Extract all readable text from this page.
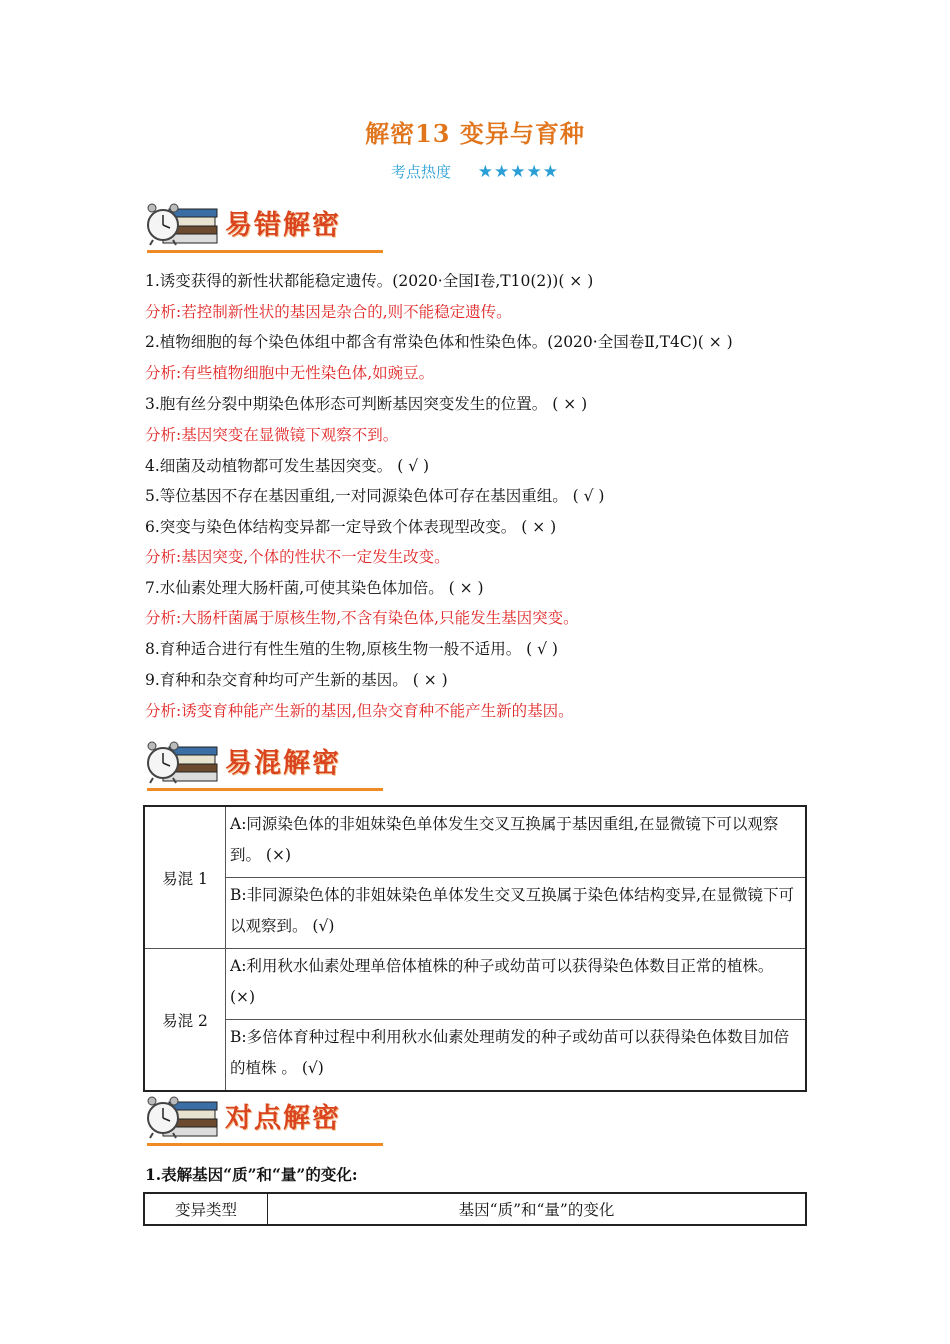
解密13 变异与育种
考点热度 ★★★★★
易错解密
1.诱变获得的新性状都能稳定遗传。(2020·全国Ⅰ卷,T10(2))( × )
分析:若控制新性状的基因是杂合的,则不能稳定遗传。
2.植物细胞的每个染色体组中都含有常染色体和性染色体。(2020·全国卷Ⅱ,T4C)( × )
分析:有些植物细胞中无性染色体,如豌豆。
3.胞有丝分裂中期染色体形态可判断基因突变发生的位置。 ( × )
分析:基因突变在显微镜下观察不到。
4.细菌及动植物都可发生基因突变。 ( √ )
5.等位基因不存在基因重组,一对同源染色体可存在基因重组。 ( √ )
6.突变与染色体结构变异都一定导致个体表现型改变。 ( × )
分析:基因突变,个体的性状不一定发生改变。
7.水仙素处理大肠杆菌,可使其染色体加倍。 ( × )
分析:大肠杆菌属于原核生物,不含有染色体,只能发生基因突变。
8.育种适合进行有性生殖的生物,原核生物一般不适用。 ( √ )
9.育种和杂交育种均可产生新的基因。 ( × )
分析:诱变育种能产生新的基因,但杂交育种不能产生新的基因。
易混解密
易混 1	A:同源染色体的非姐妹染色单体发生交叉互换属于基因重组,在显微镜下可以观察到。 (×)
	B:非同源染色体的非姐妹染色单体发生交叉互换属于染色体结构变异,在显微镜下可以观察到。 (√)
易混 2	A:利用秋水仙素处理单倍体植株的种子或幼苗可以获得染色体数目正常的植株。 (×)
	B:多倍体育种过程中利用秋水仙素处理萌发的种子或幼苗可以获得染色体数目加倍的植株 。 (√)
对点解密
1.表解基因“质”和“量”的变化:
变异类型	基因“质”和“量”的变化
